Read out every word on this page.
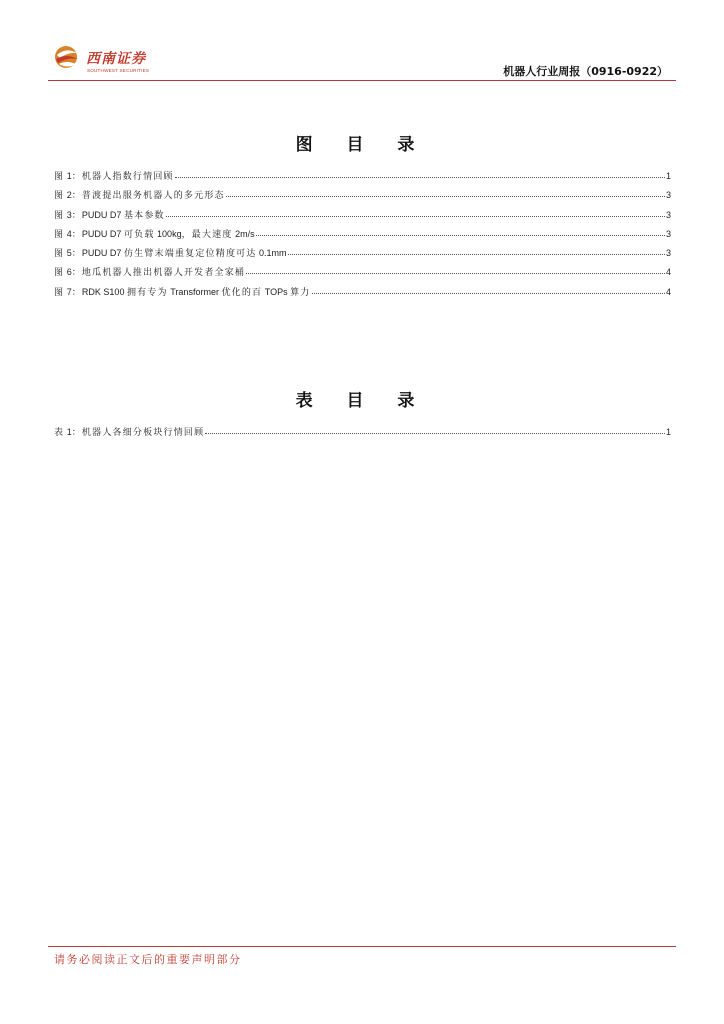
西南证券
SOUTHWEST SECURITIES	机器人行业周报（0916-0922）
图 目 录
图 1：机器人指数行情回顾	1
图 2：普渡提出服务机器人的多元形态	3
图 3：PUDU D7 基本参数	3
图 4：PUDU D7 可负载 100kg，最大速度 2m/s	3
图 5：PUDU D7 仿生臂末端重复定位精度可达 0.1mm	3
图 6：地瓜机器人推出机器人开发者全家桶	4
图 7：RDK S100 拥有专为 Transformer 优化的百 TOPs 算力	4
表 目 录
表 1：机器人各细分板块行情回顾	1
请务必阅读正文后的重要声明部分
